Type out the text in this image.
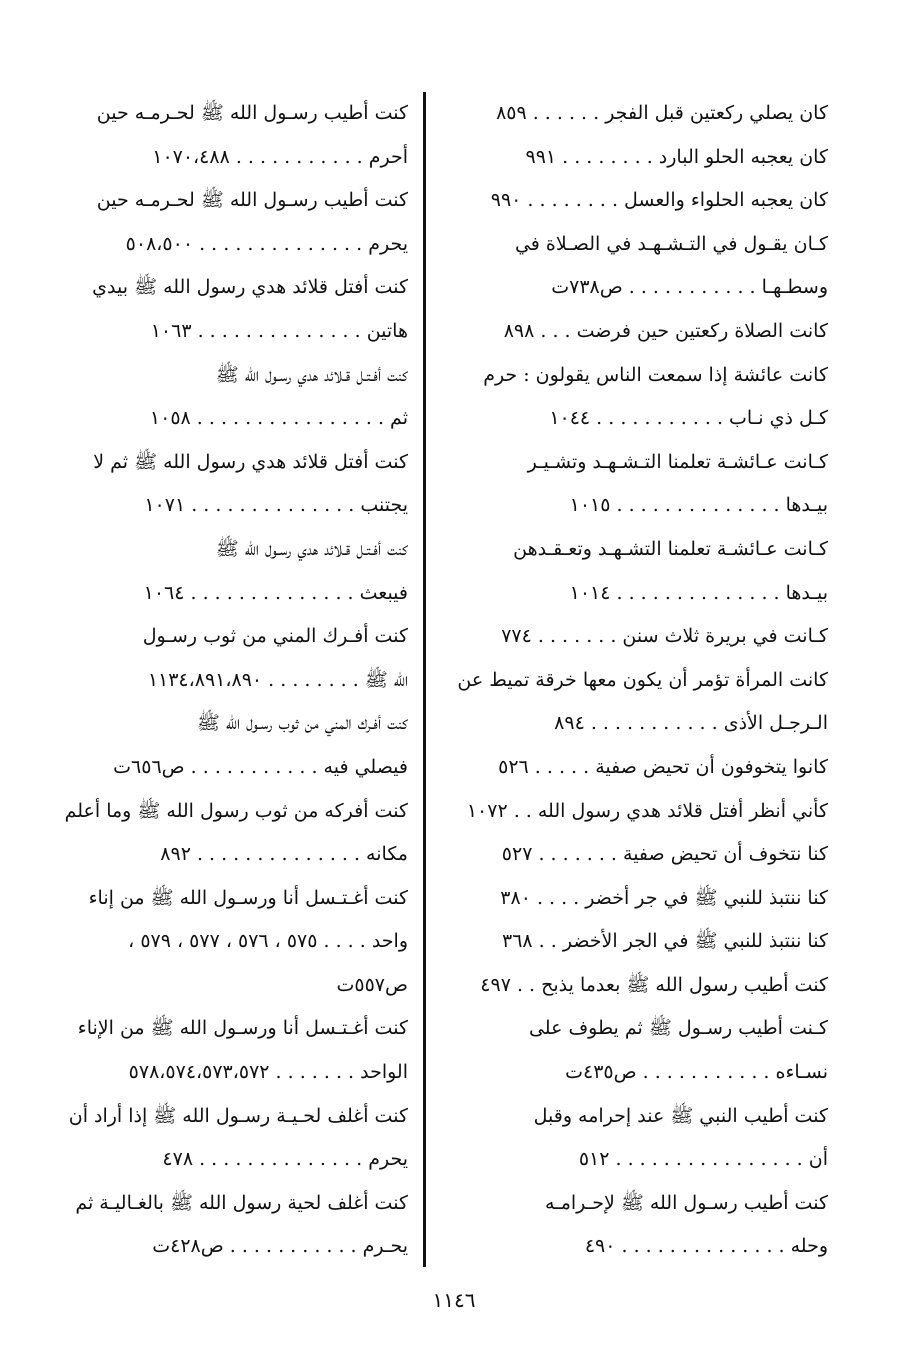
كان يصلي ركعتين قبل الفجر . . . . . . ٨٥٩
كان يعجبه الحلو البارد . . . . . . . . ٩٩١
كان يعجبه الحلواء والعسل . . . . . . . . ٩٩٠
كـان يقـول في التـشـهـد في الصـلاة في
وسطـهـا . . . . . . . . . . . ص٧٣٨ت
كانت الصلاة ركعتين حين فرضت . . . ٨٩٨
كانت عائشة إذا سمعت الناس يقولون : حرم
كـل ذي نـاب . . . . . . . . . . . ١٠٤٤
كـانت عـائشـة تعلمنا التـشـهـد وتشـيـر
بيـدها . . . . . . . . . . . . . . ١٠١٥
كـانت عـائشـة تعلمنا التشـهـد وتعـقـدهن
بيـدها . . . . . . . . . . . . . . ١٠١٤
كـانت في بريرة ثلاث سنن . . . . . . . ٧٧٤
كانت المرأة تؤمر أن يكون معها خرقة تميط عن
الـرجـل الأذى . . . . . . . . . . . ٨٩٤
كانوا يتخوفون أن تحيض صفية . . . . . ٥٢٦
كأني أنظر أفتل قلائد هدي رسول الله . . ١٠٧٢
كنا نتخوف أن تحيض صفية . . . . . . . ٥٢٧
كنا ننتبذ للنبي ﷺ في جر أخضر . . . . ٣٨٠
كنا ننتبذ للنبي ﷺ في الجر الأخضر . . ٣٦٨
كنت أطيب رسول الله ﷺ بعدما يذبح . . ٤٩٧
كـنت أطيب رسـول ﷺ ثم يطوف على
نسـاءه . . . . . . . . . . . ص٤٣٥ت
كنت أطيب النبي ﷺ عند إحرامه وقبل
أن . . . . . . . . . . . . . . . . ٥١٢
كنت أطيب رسـول الله ﷺ لإحـرامـه
وحله . . . . . . . . . . . . . . ٤٩٠
كنت أطيب رسـول الله ﷺ لحـرمـه حين
أحرم . . . . . . . . . . . ١٠٧٠،٤٨٨
كنت أطيب رسـول الله ﷺ لحـرمـه حين
يحرم . . . . . . . . . . . . . . ٥٠٨،٥٠٠
كنت أفتل قلائد هدي رسول الله ﷺ بيدي
هاتين . . . . . . . . . . . . . . ١٠٦٣
كنت أفـتـل قـلائد هدي رسـول الله ﷺ
ثم . . . . . . . . . . . . . . . . ١٠٥٨
كنت أفتل قلائد هدي رسول الله ﷺ ثم لا
يجتنب . . . . . . . . . . . . . . ١٠٧١
كنت أفـتـل قـلائد هدي رسـول الله ﷺ
فيبعث . . . . . . . . . . . . . . ١٠٦٤
كنت أفـرك المني من ثوب رسـول
الله ﷺ . . . . . . . . ١١٣٤،٨٩١،٨٩٠
كنت أفـرك المني من ثوب رسـول الله ﷺ
فيصلي فيه . . . . . . . . . . . ص٦٥٦ت
كنت أفركه من ثوب رسول الله ﷺ وما أعلم
مكانه . . . . . . . . . . . . . . ٨٩٢
كنت أغـتـسل أنا ورسـول الله ﷺ من إناء
واحد . . . . ٥٧٥ ، ٥٧٦ ، ٥٧٧ ، ٥٧٩ ،
ص٥٥٧ت
كنت أغـتـسل أنا ورسـول الله ﷺ من الإناء
الواحد . . . . . . . ٥٧٨،٥٧٤،٥٧٣،٥٧٢
كنت أغلف لحـيـة رسـول الله ﷺ إذا أراد أن
يحرم . . . . . . . . . . . . . . ٤٧٨
كنت أغلف لحية رسول الله ﷺ بالغـاليـة ثم
يحـرم . . . . . . . . . . . ص٤٢٨ت
١١٤٦
